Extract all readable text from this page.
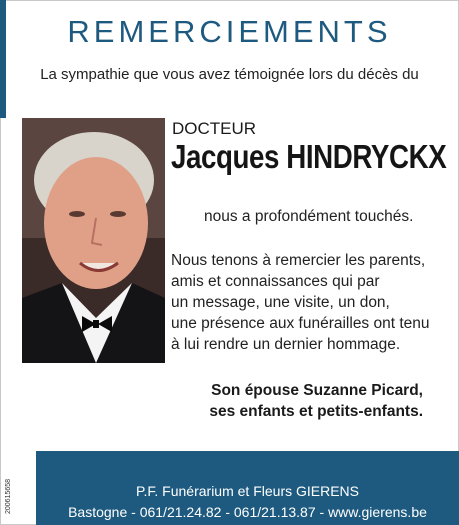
REMERCIEMENTS
La sympathie que vous avez témoignée lors du décès du
DOCTEUR
Jacques HINDRYCKX
nous a profondément touchés.
Nous tenons à remercier les parents,
amis et connaissances qui par
un message, une visite, un don,
une présence aux funérailles ont tenu
à lui rendre un dernier hommage.
Son épouse Suzanne Picard,
ses enfants et petits-enfants.
200615658	P.F. Funérarium et Fleurs GIERENS
Bastogne - 061/21.24.82 - 061/21.13.87 - www.gierens.be
